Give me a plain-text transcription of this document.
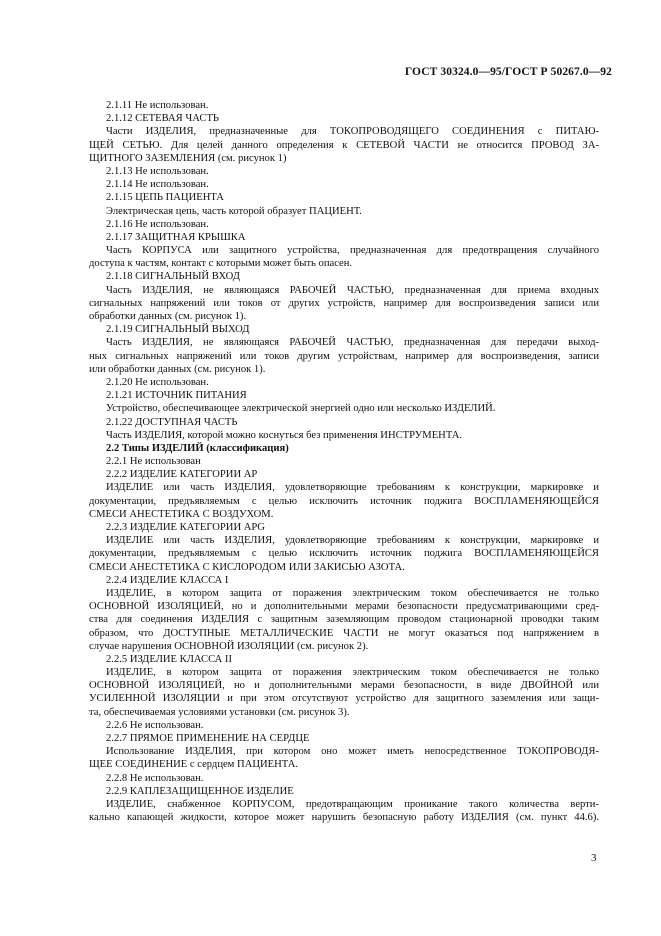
ГОСТ 30324.0—95/ГОСТ Р 50267.0—92
2.1.11 Не использован.
2.1.12 СЕТЕВАЯ ЧАСТЬ
Части ИЗДЕЛИЯ, предназначенные для ТОКОПРОВОДЯЩЕГО СОЕДИНЕНИЯ с ПИТАЮ-
ЩЕЙ СЕТЬЮ. Для целей данного определения к СЕТЕВОЙ ЧАСТИ не относится ПРОВОД ЗА-
ЩИТНОГО ЗАЗЕМЛЕНИЯ (см. рисунок 1)
2.1.13 Не использован.
2.1.14 Не использован.
2.1.15 ЦЕПЬ ПАЦИЕНТА
Электрическая цепь, часть которой образует ПАЦИЕНТ.
2.1.16 Не использован.
2.1.17 ЗАЩИТНАЯ КРЫШКА
Часть КОРПУСА или защитного устройства, предназначенная для предотвращения случайного
доступа к частям, контакт с которыми может быть опасен.
2.1.18 СИГНАЛЬНЫЙ ВХОД
Часть ИЗДЕЛИЯ, не являющаяся РАБОЧЕЙ ЧАСТЬЮ, предназначенная для приема входных
сигнальных напряжений или токов от других устройств, например для воспроизведения записи или
обработки данных (см. рисунок 1).
2.1.19 СИГНАЛЬНЫЙ ВЫХОД
Часть ИЗДЕЛИЯ, не являющаяся РАБОЧЕЙ ЧАСТЬЮ, предназначенная для передачи выход-
ных сигнальных напряжений или токов другим устройствам, например для воспроизведения, записи
или обработки данных (см. рисунок 1).
2.1.20 Не использован.
2.1.21 ИСТОЧНИК ПИТАНИЯ
Устройство, обеспечивающее электрической энергией одно или несколько ИЗДЕЛИЙ.
2.1.22 ДОСТУПНАЯ ЧАСТЬ
Часть ИЗДЕЛИЯ, которой можно коснуться без применения ИНСТРУМЕНТА.
2.2 Типы ИЗДЕЛИЙ (классификация)
2.2.1 Не использован
2.2.2 ИЗДЕЛИЕ КАТЕГОРИИ АР
ИЗДЕЛИЕ или часть ИЗДЕЛИЯ, удовлетворяющие требованиям к конструкции, маркировке и
документации, предъявляемым с целью исключить источник поджига ВОСПЛАМЕНЯЮЩЕЙСЯ
СМЕСИ АНЕСТЕТИКА С ВОЗДУХОМ.
2.2.3 ИЗДЕЛИЕ КАТЕГОРИИ APG
ИЗДЕЛИЕ или часть ИЗДЕЛИЯ, удовлетворяющие требованиям к конструкции, маркировке и
документации, предъявляемым с целью исключить источник поджига ВОСПЛАМЕНЯЮЩЕЙСЯ
СМЕСИ АНЕСТЕТИКА С КИСЛОРОДОМ ИЛИ ЗАКИСЬЮ АЗОТА.
2.2.4 ИЗДЕЛИЕ КЛАССА I
ИЗДЕЛИЕ, в котором защита от поражения электрическим током обеспечивается не только
ОСНОВНОЙ ИЗОЛЯЦИЕЙ, но и дополнительными мерами безопасности предусматривающими сред-
ства для соединения ИЗДЕЛИЯ с защитным заземляющим проводом стационарной проводки таким
образом, что ДОСТУПНЫЕ МЕТАЛЛИЧЕСКИЕ ЧАСТИ не могут оказаться под напряжением в
случае нарушения ОСНОВНОЙ ИЗОЛЯЦИИ (см. рисунок 2).
2.2.5 ИЗДЕЛИЕ КЛАССА II
ИЗДЕЛИЕ, в котором защита от поражения электрическим током обеспечивается не только
ОСНОВНОЙ ИЗОЛЯЦИЕЙ, но и дополнительными мерами безопасности, в виде ДВОЙНОЙ или
УСИЛЕННОЙ ИЗОЛЯЦИИ и при этом отсутствуют устройство для защитного заземления или защи-
та, обеспечиваемая условиями установки (см. рисунок 3).
2.2.6 Не использован.
2.2.7 ПРЯМОЕ ПРИМЕНЕНИЕ НА СЕРДЦЕ
Использование ИЗДЕЛИЯ, при котором оно может иметь непосредственное ТОКОПРОВОДЯ-
ЩЕЕ СОЕДИНЕНИЕ с сердцем ПАЦИЕНТА.
2.2.8 Не использован.
2.2.9 КАПЛЕЗАЩИЩЕННОЕ ИЗДЕЛИЕ
ИЗДЕЛИЕ, снабженное КОРПУСОМ, предотвращающим проникание такого количества верти-
кально капающей жидкости, которое может нарушить безопасную работу ИЗДЕЛИЯ (см. пункт 44.6).
3
